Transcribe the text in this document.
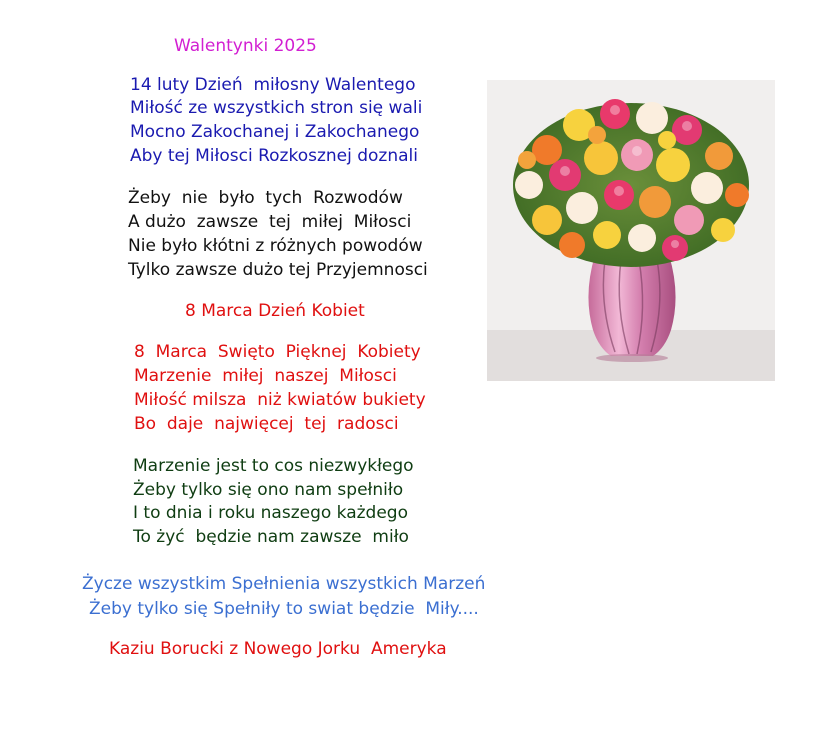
Walentynki 2025
14 luty Dzień  miłosny Walentego
Miłość ze wszystkich stron się wali
Mocno Zakochanej i Zakochanego
Aby tej Miłosci Rozkosznej doznali
Żeby  nie  było  tych  Rozwodów
A dużo  zawsze  tej  miłej  Miłosci
Nie było kłótni z różnych powodów
Tylko zawsze dużo tej Przyjemnosci
8 Marca Dzień Kobiet
8  Marca  Swięto  Pięknej  Kobiety
Marzenie  miłej  naszej  Miłosci
Miłość milsza  niż kwiatów bukiety
Bo  daje  najwięcej  tej  radosci
Marzenie jest to cos niezwykłego
Żeby tylko się ono nam spełniło
I to dnia i roku naszego każdego
To żyć  będzie nam zawsze  miło
Życze wszystkim Spełnienia wszystkich Marzeń
Żeby tylko się Spełniły to swiat będzie  Miły....
Kaziu Borucki z Nowego Jorku  Ameryka
